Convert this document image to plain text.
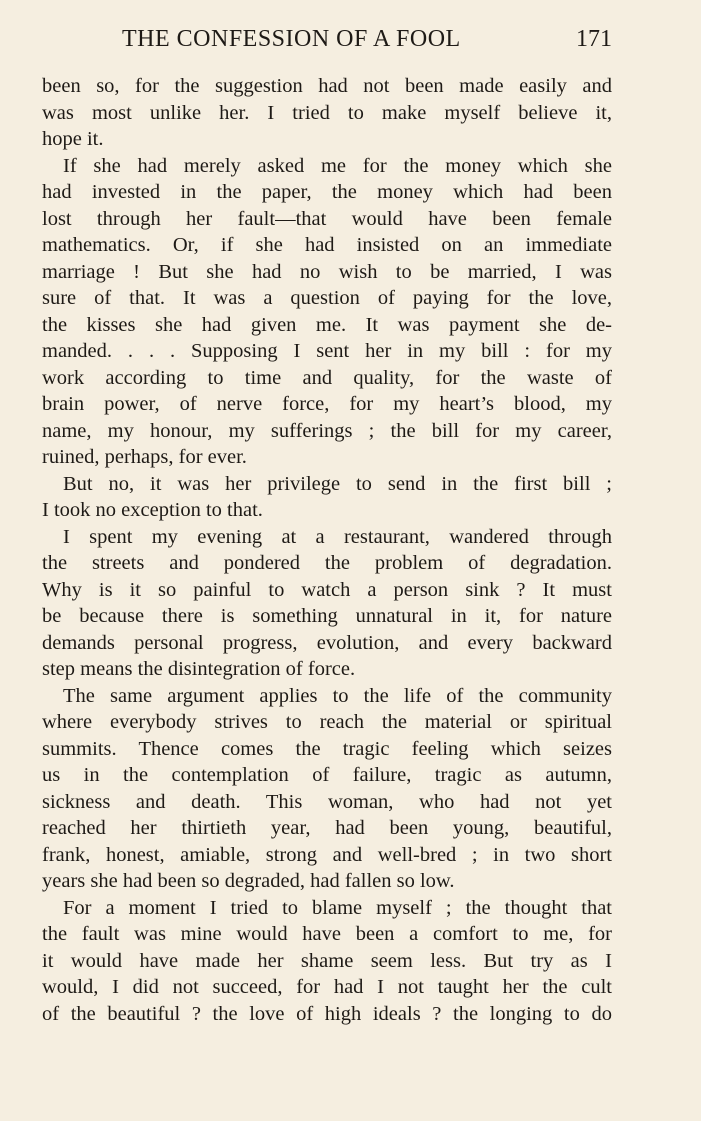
THE CONFESSION OF A FOOL	171
been so, for the suggestion had not been made easily and
was most unlike her. I tried to make myself believe it,
hope it.
If she had merely asked me for the money which she
had invested in the paper, the money which had been
lost through her fault—that would have been female
mathematics. Or, if she had insisted on an immediate
marriage ! But she had no wish to be married, I was
sure of that. It was a question of paying for the love,
the kisses she had given me. It was payment she de-
manded. . . . Supposing I sent her in my bill : for my
work according to time and quality, for the waste of
brain power, of nerve force, for my heart’s blood, my
name, my honour, my sufferings ; the bill for my career,
ruined, perhaps, for ever.
But no, it was her privilege to send in the first bill ;
I took no exception to that.
I spent my evening at a restaurant, wandered through
the streets and pondered the problem of degradation.
Why is it so painful to watch a person sink ? It must
be because there is something unnatural in it, for nature
demands personal progress, evolution, and every backward
step means the disintegration of force.
The same argument applies to the life of the community
where everybody strives to reach the material or spiritual
summits. Thence comes the tragic feeling which seizes
us in the contemplation of failure, tragic as autumn,
sickness and death. This woman, who had not yet
reached her thirtieth year, had been young, beautiful,
frank, honest, amiable, strong and well-bred ; in two short
years she had been so degraded, had fallen so low.
For a moment I tried to blame myself ; the thought that
the fault was mine would have been a comfort to me, for
it would have made her shame seem less. But try as I
would, I did not succeed, for had I not taught her the cult
of the beautiful ? the love of high ideals ? the longing to do
